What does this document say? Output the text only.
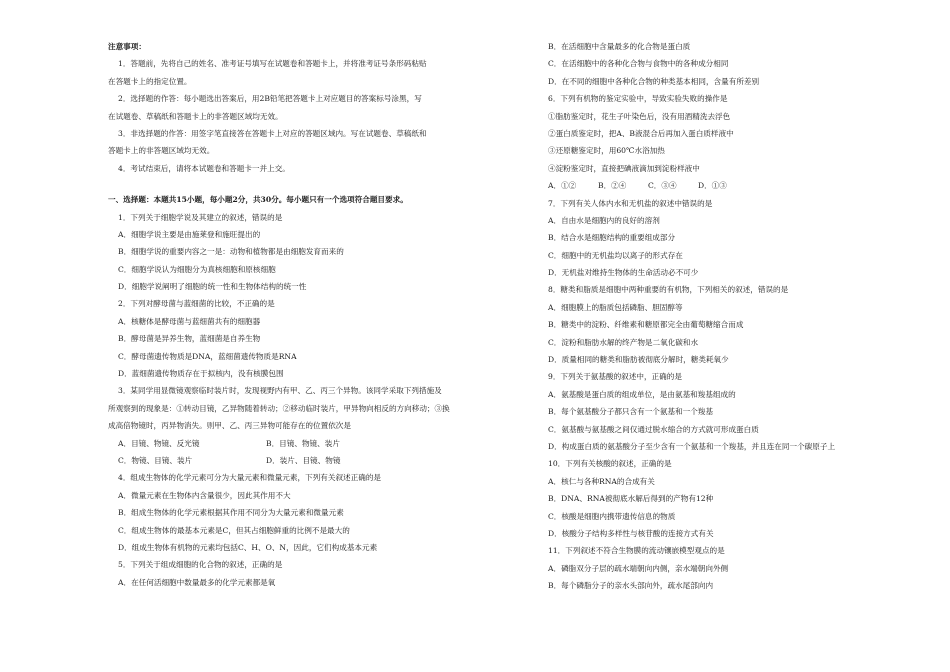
注意事项：
1．答题前，先将自己的姓名、准考证号填写在试题卷和答题卡上，并将准考证号条形码粘贴
在答题卡上的指定位置。
2．选择题的作答：每小题选出答案后，用2B铅笔把答题卡上对应题目的答案标号涂黑，写
在试题卷、草稿纸和答题卡上的非答题区域均无效。
3．非选择题的作答：用签字笔直接答在答题卡上对应的答题区域内。写在试题卷、草稿纸和
答题卡上的非答题区域均无效。
4．考试结束后，请将本试题卷和答题卡一并上交。
一、选择题：本题共15小题，每小题2分，共30分。每小题只有一个选项符合题目要求。
1．下列关于细胞学说及其建立的叙述，错误的是
A．细胞学说主要是由施莱登和施旺提出的
B．细胞学说的重要内容之一是：动物和植物都是由细胞发育而来的
C．细胞学说认为细胞分为真核细胞和原核细胞
D．细胞学说阐明了细胞的统一性和生物体结构的统一性
2．下列对酵母菌与蓝细菌的比较，不正确的是
A．核糖体是酵母菌与蓝细菌共有的细胞器
B．酵母菌是异养生物，蓝细菌是自养生物
C．酵母菌遗传物质是DNA，蓝细菌遗传物质是RNA
D．蓝细菌遗传物质存在于拟核内，没有核膜包围
3．某同学用显微镜观察临时装片时，发现视野内有甲、乙、丙三个异物。该同学采取下列措施及
所观察到的现象是：①转动目镜，乙异物随着转动；②移动临时装片，甲异物向相反的方向移动；③换
成高倍物镜时，丙异物消失。则甲、乙、丙三异物可能存在的位置依次是
A．目镜、物镜、反光镜	B．目镜、物镜、装片
C．物镜、目镜、装片	D．装片、目镜、物镜
4．组成生物体的化学元素可分为大量元素和微量元素，下列有关叙述正确的是
A．微量元素在生物体内含量很少，因此其作用不大
B．组成生物体的化学元素根据其作用不同分为大量元素和微量元素
C．组成生物体的最基本元素是C，但其占细胞鲜重的比例不是最大的
D．组成生物体有机物的元素均包括C、H、O、N，因此，它们构成基本元素
5．下列关于组成细胞的化合物的叙述，正确的是
A．在任何活细胞中数量最多的化学元素都是氧
B．在活细胞中含量最多的化合物是蛋白质
C．在活细胞中的各种化合物与食物中的各种成分相同
D．在不同的细胞中各种化合物的种类基本相同，含量有所差别
6．下列有机物的鉴定实验中，导致实验失败的操作是
①脂肪鉴定时，花生子叶染色后，没有用酒精洗去浮色
②蛋白质鉴定时，把A、B液混合后再加入蛋白质样液中
③还原糖鉴定时，用60℃水浴加热
④淀粉鉴定时，直接把碘液滴加到淀粉样液中
A．①②	B．②④	C．③④	D．①③
7．下列有关人体内水和无机盐的叙述中错误的是
A．自由水是细胞内的良好的溶剂
B．结合水是细胞结构的重要组成部分
C．细胞中的无机盐均以离子的形式存在
D．无机盐对维持生物体的生命活动必不可少
8．糖类和脂质是细胞中两种重要的有机物，下列相关的叙述，错误的是
A．细胞膜上的脂质包括磷脂、胆固醇等
B．糖类中的淀粉、纤维素和糖原都完全由葡萄糖缩合而成
C．淀粉和脂肪水解的终产物是二氧化碳和水
D．质量相同的糖类和脂肪被彻底分解时，糖类耗氧少
9．下列关于氨基酸的叙述中，正确的是
A．氨基酸是蛋白质的组成单位，是由氨基和羧基组成的
B．每个氨基酸分子都只含有一个氨基和一个羧基
C．氨基酸与氨基酸之间仅通过脱水缩合的方式就可形成蛋白质
D．构成蛋白质的氨基酸分子至少含有一个氨基和一个羧基，并且连在同一个碳原子上
10．下列有关核酸的叙述，正确的是
A．核仁与各种RNA的合成有关
B．DNA、RNA被彻底水解后得到的产物有12种
C．核酸是细胞内携带遗传信息的物质
D．核酸分子结构多样性与核苷酸的连接方式有关
11．下列叙述不符合生物膜的流动镶嵌模型观点的是
A．磷脂双分子层的疏水端朝向内侧，亲水端朝向外侧
B．每个磷脂分子的亲水头部向外，疏水尾部向内
